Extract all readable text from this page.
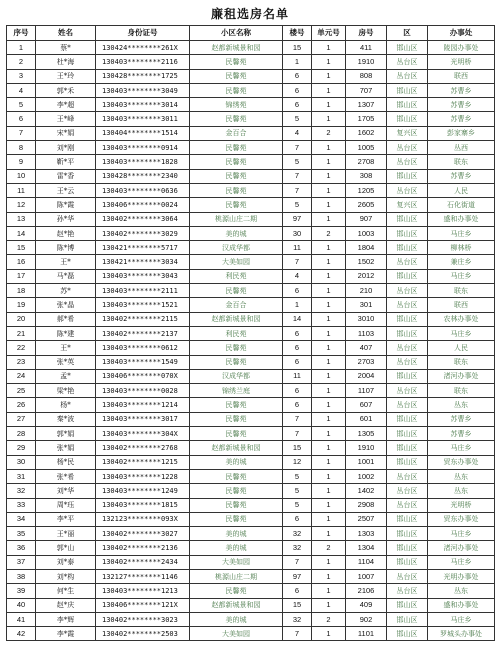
廉租选房名单
序号	姓名	身份证号	小区名称	楼号	单元号	房号	区	办事处
1	蔡*	130424********261X	赵都新城景和园	15	1	411	邯山区	陵园办事处
2	杜*海	130403********2116	民馨苑	1	1	1910	丛台区	光明桥
3	王*玲	130428********1725	民馨苑	6	1	808	丛台区	联西
4	郭*禾	130403********3049	民馨苑	6	1	707	邯山区	苏曹乡
5	李*超	130403********3014	锦绣苑	6	1	1307	邯山区	苏曹乡
6	王*峰	130403********3011	民馨苑	5	1	1705	邯山区	苏曹乡
7	宋*娟	130404********1514	金百合	4	2	1602	复兴区	彭家寨乡
8	刘*刚	130403********0914	民馨苑	7	1	1005	丛台区	丛西
9	靳*平	130403********1828	民馨苑	5	1	2708	丛台区	联东
10	雷*香	130428********2340	民馨苑	7	1	308	邯山区	苏曹乡
11	王*云	130403********0636	民馨苑	7	1	1205	丛台区	人民
12	陈*霞	130406********0024	民馨苑	5	1	2605	复兴区	石化街道
13	孙*华	130402********3064	桃源山庄二期	97	1	907	邯山区	盛和办事处
14	赵*艳	130402********3029	美的城	30	2	1003	邯山区	马庄乡
15	陈*博	130421********5717	汉成华都	11	1	1804	邯山区	柳林桥
16	王*	130421********3034	大美如园	7	1	1502	丛台区	兼庄乡
17	马*磊	130403********3043	利民苑	4	1	2012	邯山区	马庄乡
18	苏*	130403********2111	民馨苑	6	1	210	丛台区	联东
19	张*晶	130403********1521	金百合	1	1	301	丛台区	联西
20	郝*希	130402********2115	赵都新城景和园	14	1	3010	邯山区	农林办事处
21	陈*建	130402********2137	利民苑	6	1	1103	邯山区	马庄乡
22	王*	130403********0612	民馨苑	6	1	407	丛台区	人民
23	张*英	130403********1549	民馨苑	6	1	2703	丛台区	联东
24	孟*	130406********070X	汉成华都	11	1	2004	邯山区	渚河办事处
25	梁*艳	130403********0028	锦绣兰庭	6	1	1107	丛台区	联东
26	杨*	130403********1214	民馨苑	6	1	607	丛台区	丛东
27	秦*波	130403********3017	民馨苑	7	1	601	邯山区	苏曹乡
28	郭*娟	130403********304X	民馨苑	7	1	1305	邯山区	苏曹乡
29	张*娟	130402********2768	赵都新城景和园	15	1	1910	邯山区	马庄乡
30	杨*民	130402********1215	美的城	12	1	1001	邯山区	贸东办事处
31	张*希	130403********1228	民馨苑	5	1	1002	丛台区	丛东
32	刘*华	130403********1249	民馨苑	5	1	1402	丛台区	丛东
33	周*珏	130403********1815	民馨苑	5	1	2908	丛台区	光明桥
34	李*平	132123********093X	民馨苑	6	1	2507	邯山区	贸东办事处
35	王*丽	130402********3027	美的城	32	1	1303	邯山区	马庄乡
36	郭*山	130402********2136	美的城	32	2	1304	邯山区	渚河办事处
37	刘*泰	130402********2434	大美如园	7	1	1104	邯山区	马庄乡
38	刘*构	132127********1146	桃源山庄二期	97	1	1007	丛台区	光明办事处
39	何*生	130403********1213	民馨苑	6	1	2106	丛台区	丛东
40	赵*庆	130406********121X	赵都新城景和园	15	1	409	邯山区	盛和办事处
41	李*辉	130402********3023	美的城	32	2	902	邯山区	马庄乡
42	李*霞	130402********2503	大美如园	7	1	1101	邯山区	罗城头办事处
